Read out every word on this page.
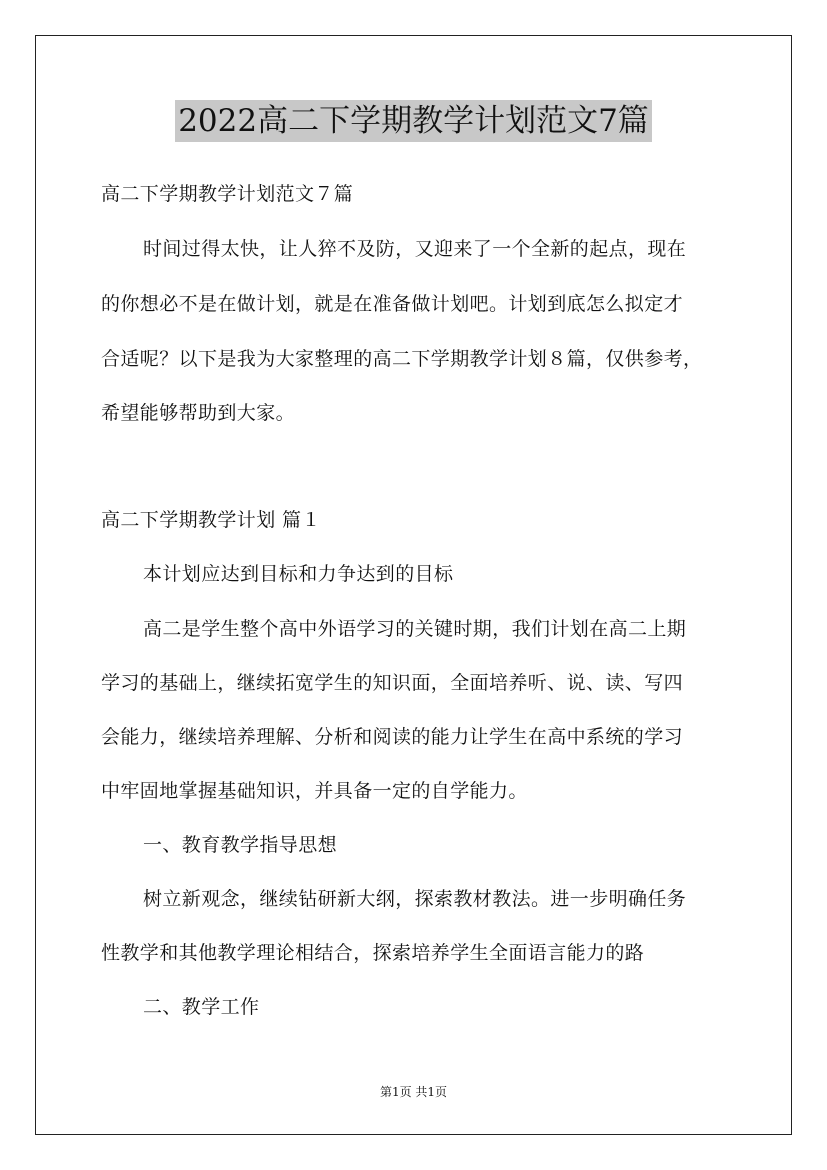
2022高二下学期教学计划范文7篇
高二下学期教学计划范文７篇
时间过得太快，让人猝不及防，又迎来了一个全新的起点，现在
的你想必不是在做计划，就是在准备做计划吧。计划到底怎么拟定才
合适呢？以下是我为大家整理的高二下学期教学计划８篇，仅供参考，
希望能够帮助到大家。
高二下学期教学计划 篇１
本计划应达到目标和力争达到的目标
高二是学生整个高中外语学习的关键时期，我们计划在高二上期
学习的基础上，继续拓宽学生的知识面，全面培养听、说、读、写四
会能力，继续培养理解、分析和阅读的能力让学生在高中系统的学习
中牢固地掌握基础知识，并具备一定的自学能力。
一、教育教学指导思想
树立新观念，继续钻研新大纲，探索教材教法。进一步明确任务
性教学和其他教学理论相结合，探索培养学生全面语言能力的路
二、教学工作
第1页 共1页
